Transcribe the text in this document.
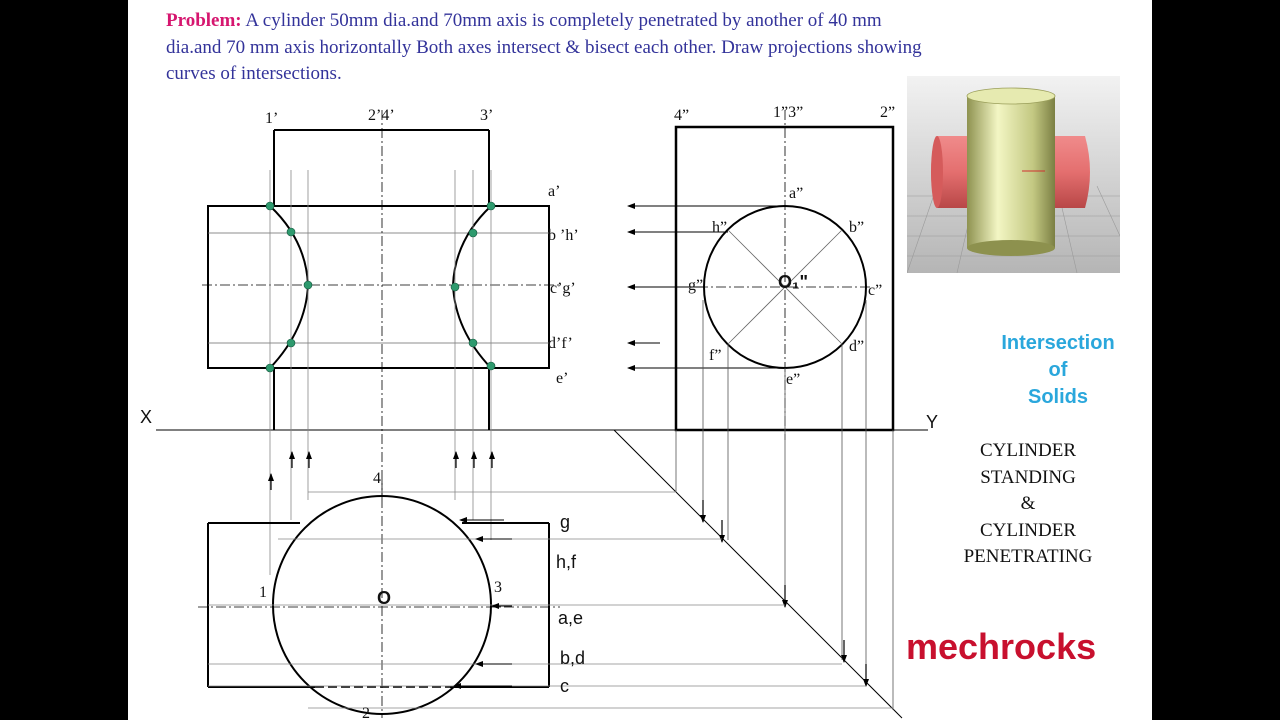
Problem: A cylinder 50mm dia.and 70mm axis is completely penetrated by another of 40 mm
dia.and 70 mm axis horizontally Both axes intersect & bisect each other. Draw projections showing
curves of intersections.

X	Y
1’	2’4’	3’
a’
b ’h’
c’g’
d’f’
e’
4”	1”3”	2”
a”
h”	b”
g”	O₁"	c”
f”
d”
e”
4
1	O
3
2
g
h,f
a,e
b,d
c
Intersection
of
Solids
CYLINDER
STANDING
&
CYLINDER
PENETRATING
mechrocks
